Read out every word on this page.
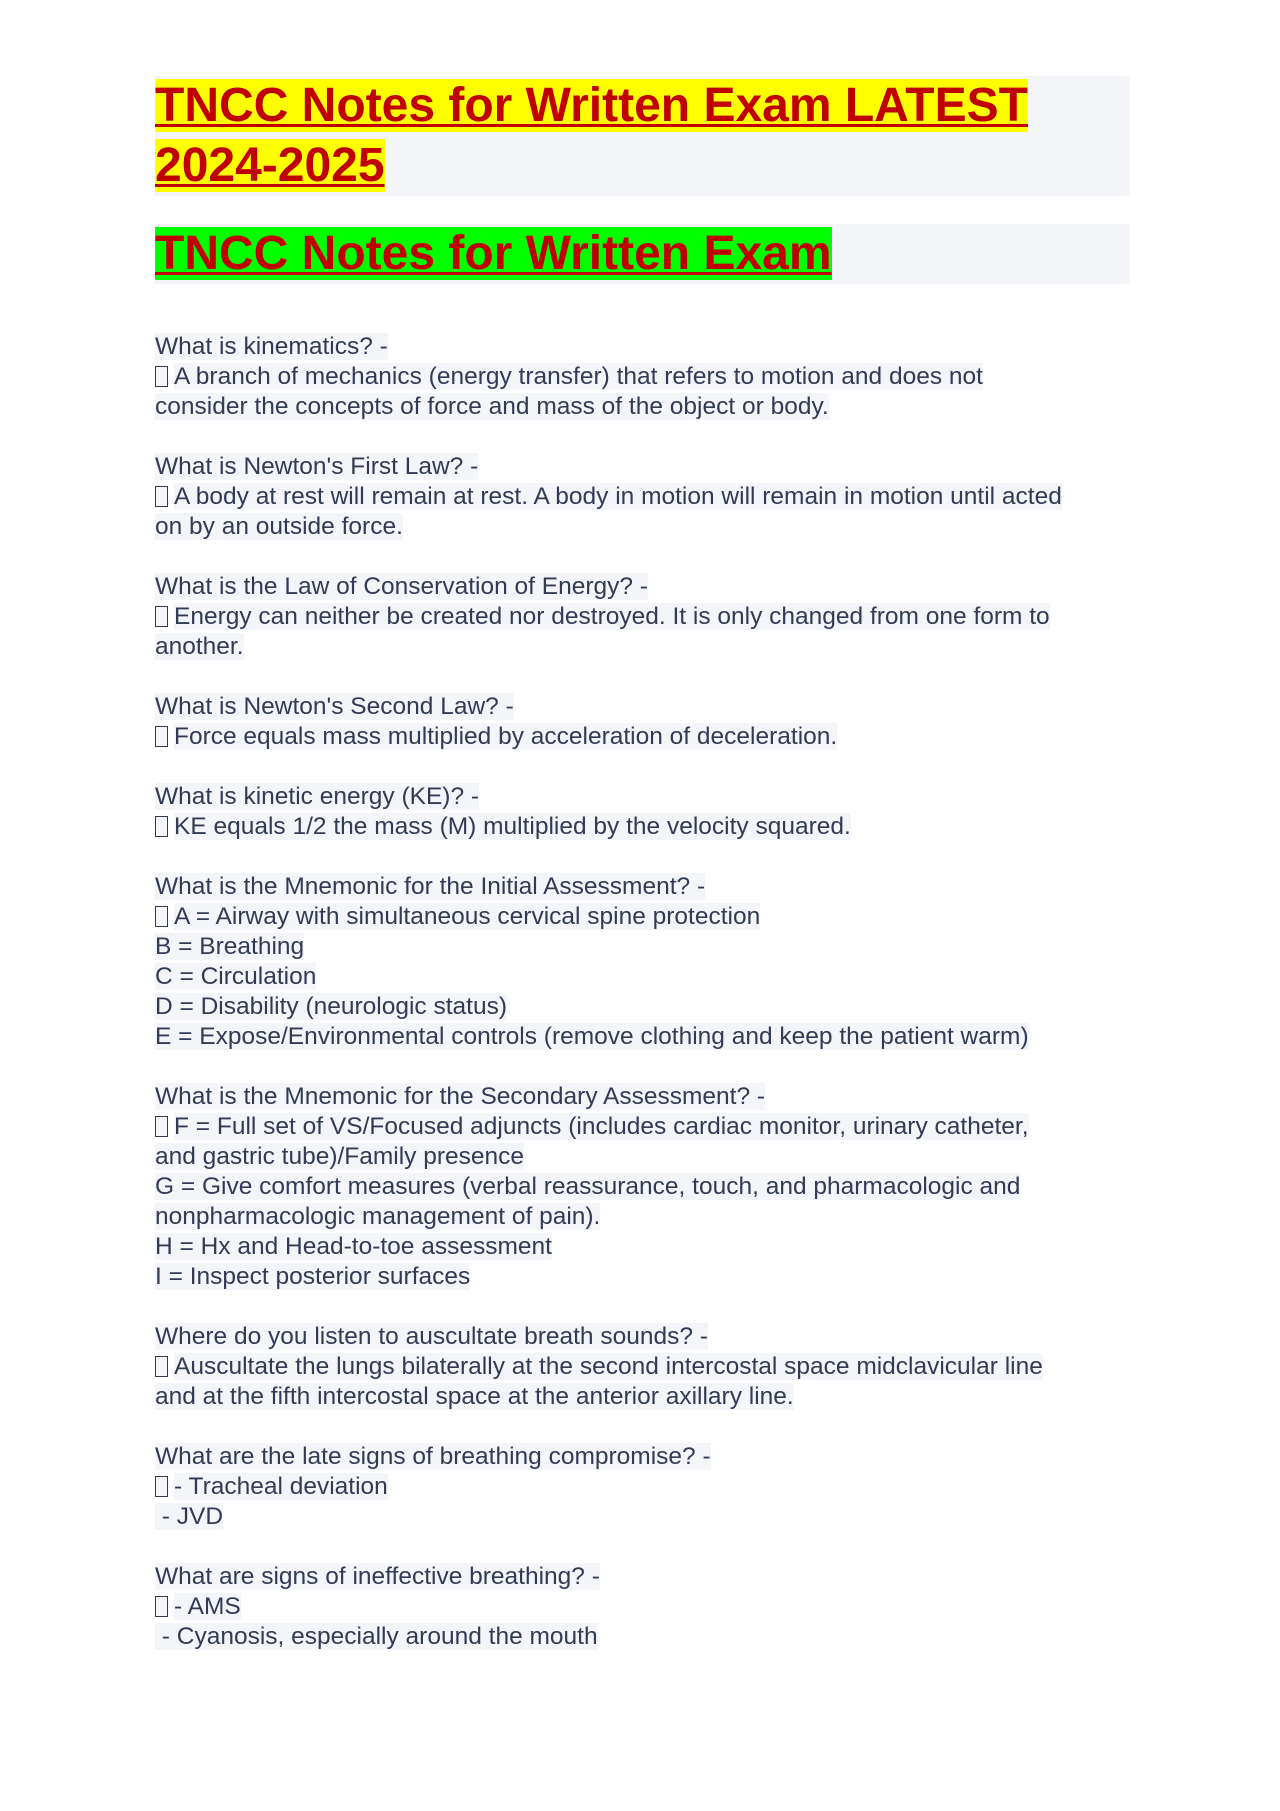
TNCC Notes for Written Exam LATEST 2024-2025
TNCC Notes for Written Exam
What is kinematics? -
A branch of mechanics (energy transfer) that refers to motion and does not
consider the concepts of force and mass of the object or body.
What is Newton's First Law? -
A body at rest will remain at rest. A body in motion will remain in motion until acted
on by an outside force.
What is the Law of Conservation of Energy? -
Energy can neither be created nor destroyed. It is only changed from one form to
another.
What is Newton's Second Law? -
Force equals mass multiplied by acceleration of deceleration.
What is kinetic energy (KE)? -
KE equals 1/2 the mass (M) multiplied by the velocity squared.
What is the Mnemonic for the Initial Assessment? -
A = Airway with simultaneous cervical spine protection
B = Breathing
C = Circulation
D = Disability (neurologic status)
E = Expose/Environmental controls (remove clothing and keep the patient warm)
What is the Mnemonic for the Secondary Assessment? -
F = Full set of VS/Focused adjuncts (includes cardiac monitor, urinary catheter,
and gastric tube)/Family presence
G = Give comfort measures (verbal reassurance, touch, and pharmacologic and
nonpharmacologic management of pain).
H = Hx and Head-to-toe assessment
I = Inspect posterior surfaces
Where do you listen to auscultate breath sounds? -
Auscultate the lungs bilaterally at the second intercostal space midclavicular line
and at the fifth intercostal space at the anterior axillary line.
What are the late signs of breathing compromise? -
- Tracheal deviation
- JVD
What are signs of ineffective breathing? -
- AMS
- Cyanosis, especially around the mouth
